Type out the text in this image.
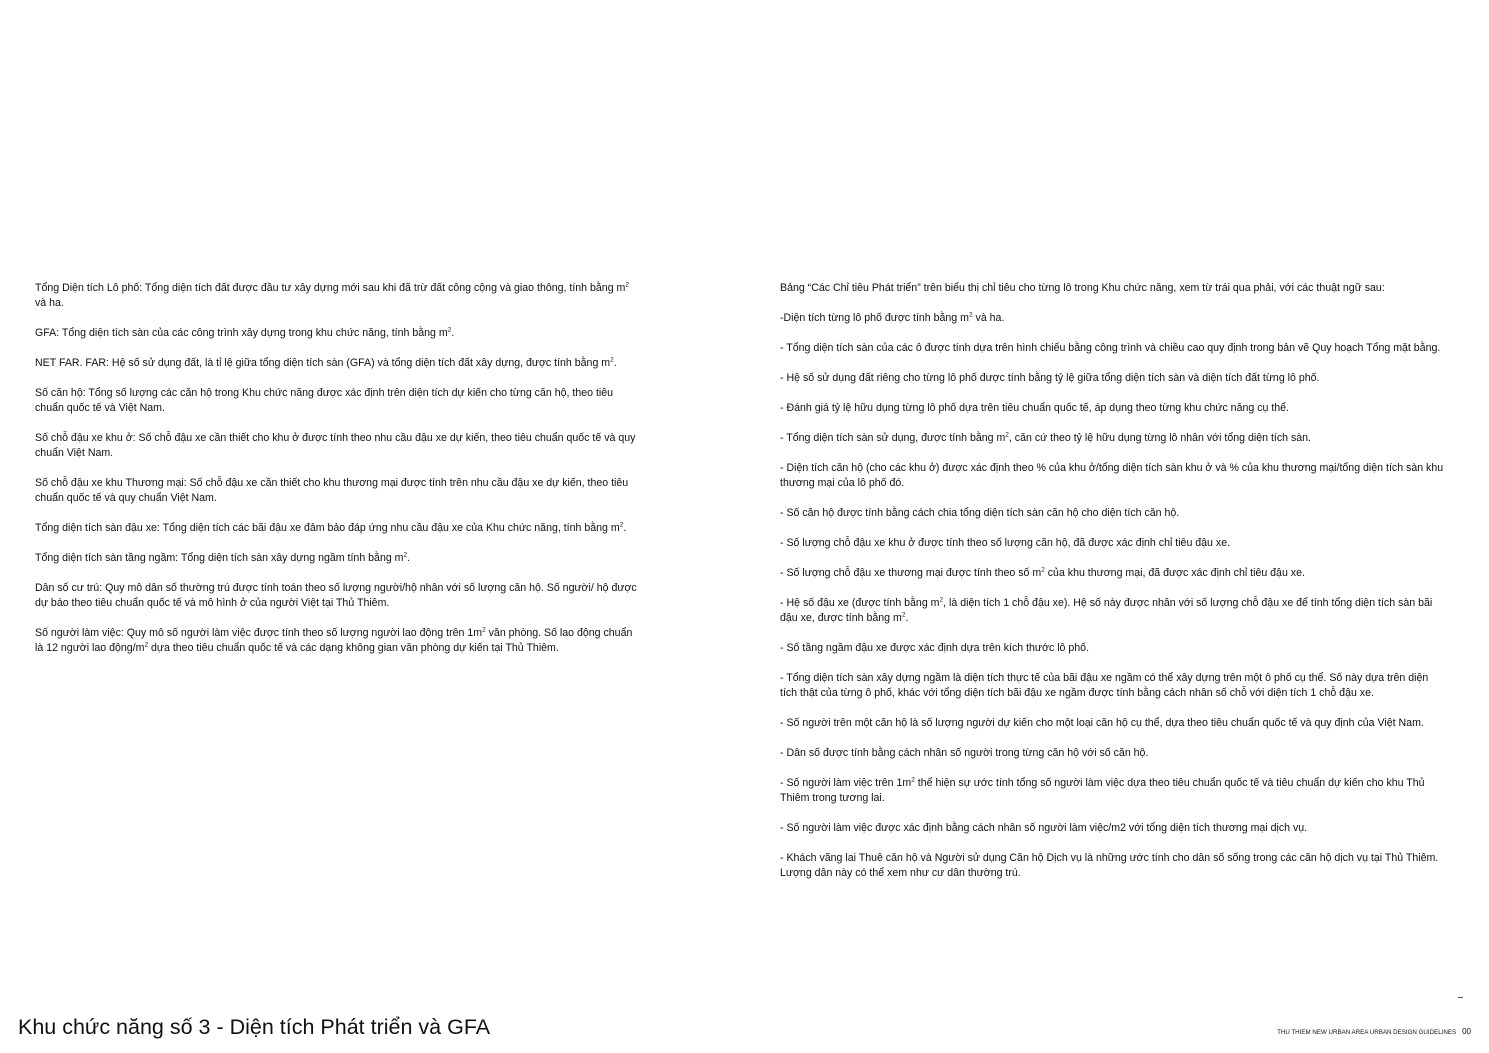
Tổng Diện tích Lô phố: Tổng diện tích đất được đầu tư xây dựng mới sau khi đã trừ đất công cộng và giao thông, tính bằng $m^2$ và ha.

GFA: Tổng diện tích sàn của các công trình xây dựng trong khu chức năng, tính bằng $m^2$.

NET FAR. FAR: Hệ số sử dụng đất, là tỉ lệ giữa tổng diện tích sàn (GFA) và tổng diện tích đất xây dựng, được tính bằng $m^2$.

Số căn hộ: Tổng số lượng các căn hộ trong Khu chức năng được xác định trên diện tích dự kiến cho từng căn hộ, theo tiêu chuẩn quốc tế và Việt Nam.

Số chỗ đậu xe khu ở: Số chỗ đậu xe cần thiết cho khu ở được tính theo nhu cầu đậu xe dự kiến, theo tiêu chuẩn quốc tế và quy chuẩn Việt Nam.

Số chỗ đậu xe khu Thương mại: Số chỗ đậu xe cần thiết cho khu thương mại được tính trên nhu cầu đậu xe dự kiến, theo tiêu chuẩn quốc tế và quy chuẩn Việt Nam.

Tổng diện tích sàn đậu xe: Tổng diện tích các bãi đậu xe đảm bảo đáp ứng nhu cầu đậu xe của Khu chức năng, tính bằng $m^2$.

Tổng diện tích sàn tầng ngầm: Tổng diện tích sàn xây dựng ngầm tính bằng $m^2$.

Dân số cư trú: Quy mô dân số thường trú được tính toán theo số lượng người/hộ nhân với số lượng căn hộ. Số người/ hộ được dự báo theo tiêu chuẩn quốc tế và mô hình ở của người Việt tại Thủ Thiêm.

Số người làm việc: Quy mô số người làm việc được tính theo số lượng người lao động trên $1m^2$ văn phòng. Số lao động chuẩn là 12 người lao động/$m^2$ dựa theo tiêu chuẩn quốc tế và các dạng không gian văn phòng dự kiến tại Thủ Thiêm.

Bảng “Các Chỉ tiêu Phát triển” trên biểu thị chỉ tiêu cho từng lô trong Khu chức năng, xem từ trái qua phải, với các thuật ngữ sau:

-Diện tích từng lô phố được tính bằng $m^2$ và ha.

- Tổng diện tích sàn của các ô được tính dựa trên hình chiếu bằng công trình và chiều cao quy định trong bản vẽ Quy hoạch Tổng mặt bằng.

- Hệ số sử dụng đất riêng cho từng lô phố được tính bằng tỷ lệ giữa tổng diện tích sàn và diện tích đất từng lô phố.

- Đánh giá tỷ lệ hữu dụng từng lô phố dựa trên tiêu chuẩn quốc tế, áp dụng theo từng khu chức năng cụ thể.

- Tổng diện tích sàn sử dụng, được tính bằng $m^2$, căn cứ theo tỷ lệ hữu dụng từng lô nhân với tổng diện tích sàn.

- Diện tích căn hộ (cho các khu ở) được xác định theo % của khu ở/tổng diện tích sàn khu ở và % của khu thương mại/tổng diện tích sàn khu thương mại của lô phố đó.

- Số căn hộ được tính bằng cách chia tổng diện tích sàn căn hộ cho diện tích căn hộ.

- Số lượng chỗ đậu xe khu ở được tính theo số lượng căn hộ, đã được xác định chỉ tiêu đậu xe.

- Số lượng chỗ đậu xe thương mại được tính theo số $m^2$ của khu thương mại, đã được xác định chỉ tiêu đậu xe.

- Hệ số đậu xe (được tính bằng $m^2$, là diện tích 1 chỗ đậu xe). Hệ số này được nhân với số lượng chỗ đậu xe để tính tổng diện tích sàn bãi đậu xe, được tính bằng $m^2$.

- Số tầng ngầm đậu xe được xác định dựa trên kích thước lô phố.

- Tổng diện tích sàn xây dựng ngầm là diện tích thực tế của bãi đậu xe ngầm có thể xây dựng trên một ô phố cụ thể. Số này dựa trên diện tích thật của từng ô phố, khác với tổng diện tích bãi đậu xe ngầm được tính bằng cách nhân số chỗ với diện tích 1 chỗ đậu xe.

- Số người trên một căn hộ là số lượng người dự kiến cho một loại căn hộ cụ thể, dựa theo tiêu chuẩn quốc tế và quy định của Việt Nam.

- Dân số được tính bằng cách nhân số người trong từng căn hộ với số căn hộ.

- Số người làm việc trên $1m^2$ thể hiện sự ước tính tổng số người làm việc dựa theo tiêu chuẩn quốc tế và tiêu chuẩn dự kiến cho khu Thủ Thiêm trong tương lai.

- Số người làm việc được xác định bằng cách nhân số người làm việc/m2 với tổng diện tích thương mại dịch vụ.

- Khách vãng lai Thuê căn hộ và Người sử dụng Căn hộ Dịch vụ là những ước tính cho dân số sống trong các căn hộ dịch vụ tại Thủ Thiêm. Lượng dân này có thể xem như cư dân thường trú.

Khu chức năng số 3 - Diện tích Phát triển và GFA	THU THIEM NEW URBAN AREA URBAN DESIGN GUIDELINES 00
